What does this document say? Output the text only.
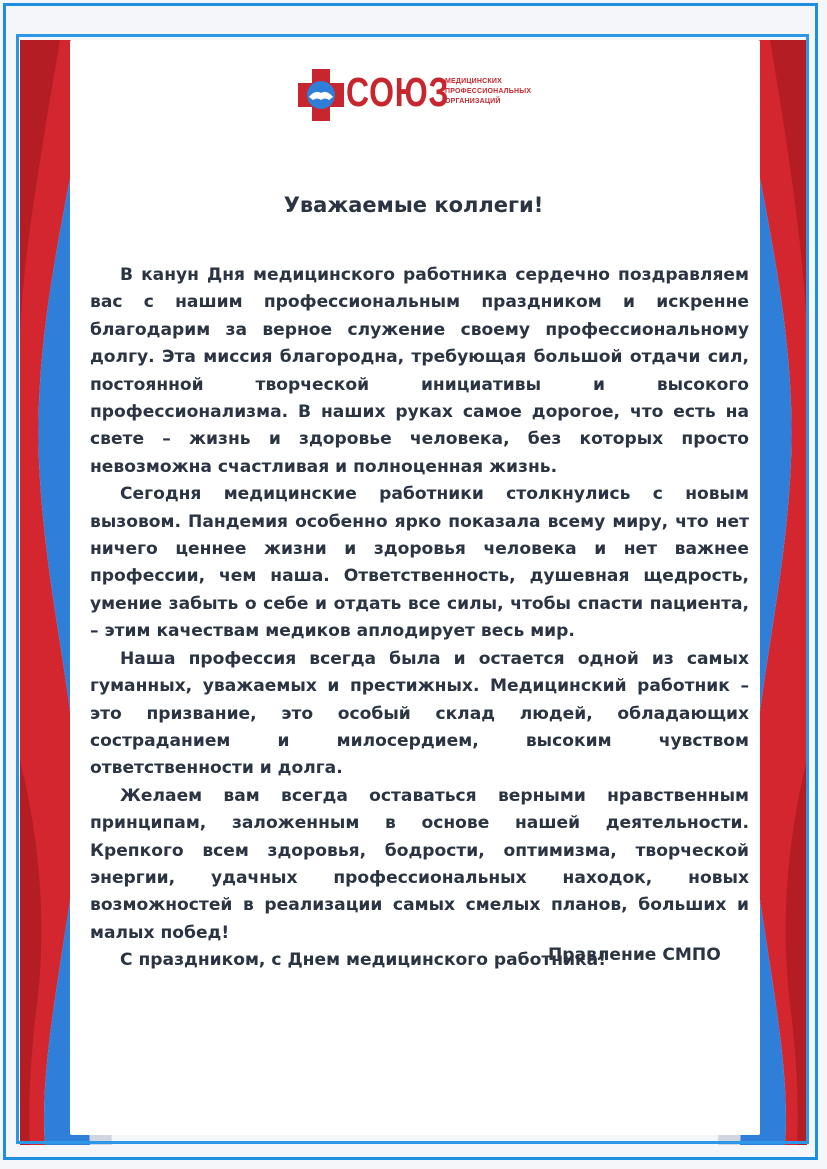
СОЮЗ
МЕДИЦИНСКИХ
ПРОФЕССИОНАЛЬНЫХ
ОРГАНИЗАЦИЙ
Уважаемые коллеги!

В канун Дня медицинского работника сердечно поздравляем вас с нашим профессиональным праздником и искренне благодарим за верное служение своему профессиональному долгу. Эта миссия благородна, требующая большой отдачи сил, постоянной творческой инициативы и высокого профессионализма. В наших руках самое дорогое, что есть на свете – жизнь и здоровье человека, без которых просто невозможна счастливая и полноценная жизнь.

Сегодня медицинские работники столкнулись с новым вызовом. Пандемия особенно ярко показала всему миру, что нет ничего ценнее жизни и здоровья человека и нет важнее профессии, чем наша. Ответственность, душевная щедрость, умение забыть о себе и отдать все силы, чтобы спасти пациента, – этим качествам медиков аплодирует весь мир.

Наша профессия всегда была и остается одной из самых гуманных, уважаемых и престижных. Медицинский работник – это призвание, это особый склад людей, обладающих состраданием и милосердием, высоким чувством ответственности и долга.

Желаем вам всегда оставаться верными нравственным принципам, заложенным в основе нашей деятельности. Крепкого всем здоровья, бодрости, оптимизма, творческой энергии, удачных профессиональных находок, новых возможностей в реализации самых смелых планов, больших и малых побед!

С праздником, с Днем медицинского работника!

Правление СМПО
